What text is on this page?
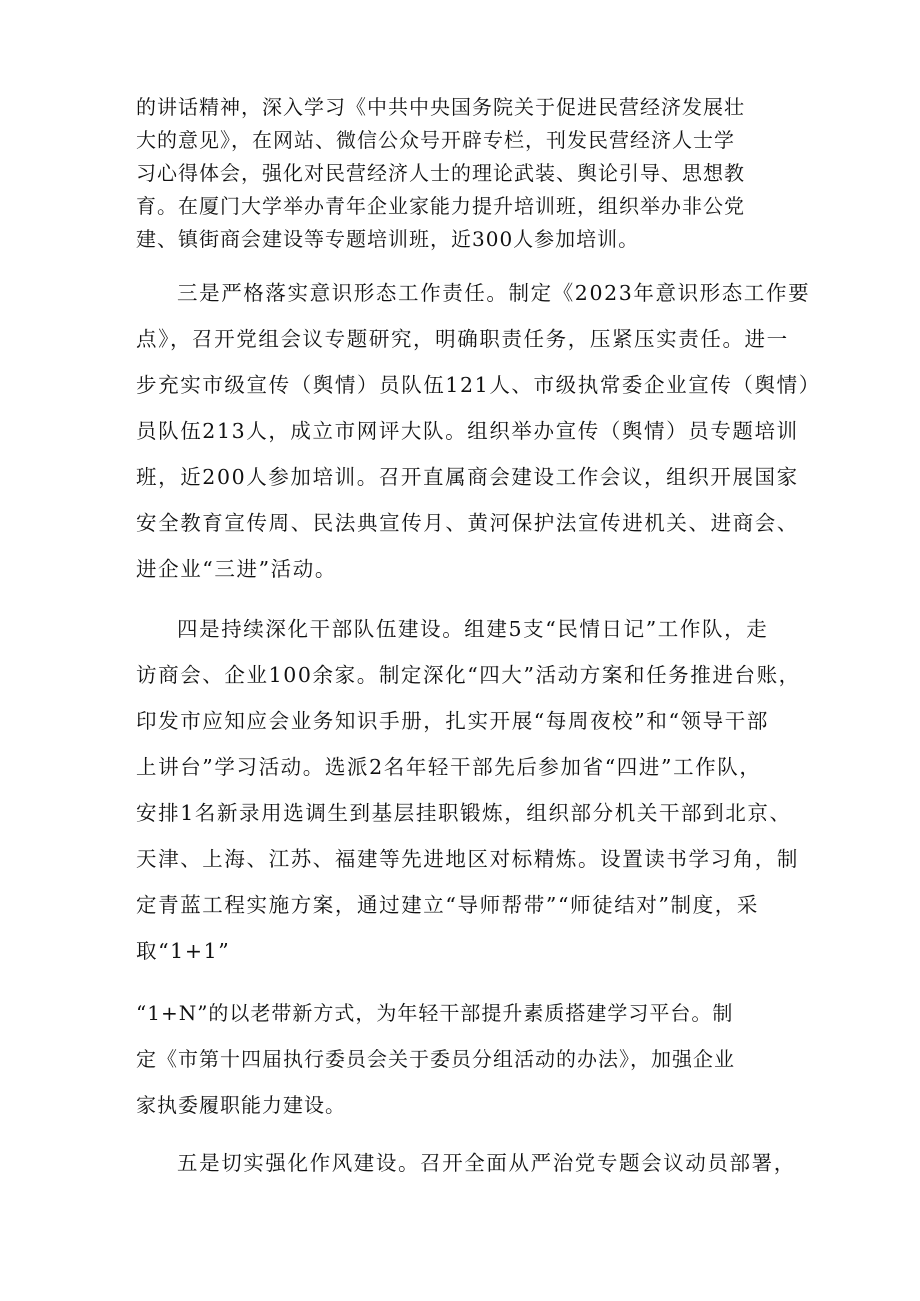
的讲话精神，深入学习《中共中央国务院关于促进民营经济发展壮
大的意见》，在网站、微信公众号开辟专栏，刊发民营经济人士学
习心得体会，强化对民营经济人士的理论武装、舆论引导、思想教
育。在厦门大学举办青年企业家能力提升培训班，组织举办非公党
建、镇街商会建设等专题培训班，近300人参加培训。
三是严格落实意识形态工作责任。制定《2023年意识形态工作要
点》，召开党组会议专题研究，明确职责任务，压紧压实责任。进一
步充实市级宣传（舆情）员队伍121人、市级执常委企业宣传（舆情）
员队伍213人，成立市网评大队。组织举办宣传（舆情）员专题培训
班，近200人参加培训。召开直属商会建设工作会议，组织开展国家
安全教育宣传周、民法典宣传月、黄河保护法宣传进机关、进商会、
进企业“三进”活动。
四是持续深化干部队伍建设。组建5支“民情日记”工作队，走
访商会、企业100余家。制定深化“四大”活动方案和任务推进台账，
印发市应知应会业务知识手册，扎实开展“每周夜校”和“领导干部
上讲台”学习活动。选派2名年轻干部先后参加省“四进”工作队，
安排1名新录用选调生到基层挂职锻炼，组织部分机关干部到北京、
天津、上海、江苏、福建等先进地区对标精炼。设置读书学习角，制
定青蓝工程实施方案，通过建立“导师帮带”“师徒结对”制度，采
取“1+1”
“1+N”的以老带新方式，为年轻干部提升素质搭建学习平台。制
定《市第十四届执行委员会关于委员分组活动的办法》，加强企业
家执委履职能力建设。
五是切实强化作风建设。召开全面从严治党专题会议动员部署，
